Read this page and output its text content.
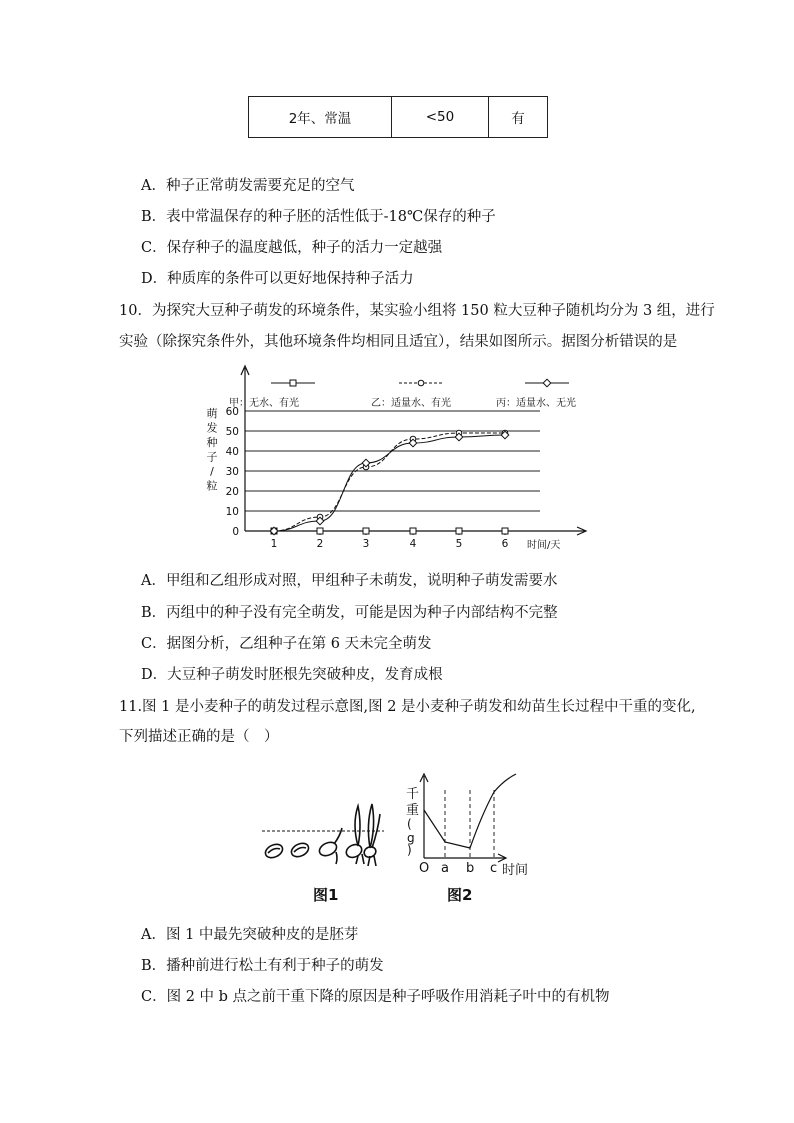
2年、常温	<50	有
A．种子正常萌发需要充足的空气
B．表中常温保存的种子胚的活性低于-18℃保存的种子
C．保存种子的温度越低，种子的活力一定越强
D．种质库的条件可以更好地保持种子活力
10．为探究大豆种子萌发的环境条件，某实验小组将 150 粒大豆种子随机均分为 3 组，进行
实验（除探究条件外，其他环境条件均相同且适宜），结果如图所示。据图分析错误的是
甲：无水、有光	乙：适量水、有光	丙：适量水、无光
0
10
20
30
40
50
60
1	2	3	4	5	6 时间/天
萌
发
种
子
/
粒
A．甲组和乙组形成对照，甲组种子未萌发，说明种子萌发需要水
B．丙组中的种子没有完全萌发，可能是因为种子内部结构不完整
C．据图分析，乙组种子在第 6 天未完全萌发
D．大豆种子萌发时胚根先突破种皮，发育成根
11.图 1 是小麦种子的萌发过程示意图,图 2 是小麦种子萌发和幼苗生长过程中干重的变化,
下列描述正确的是（　）
千
重
(
g
)
O a b c 时间
图1	图2
A．图 1 中最先突破种皮的是胚芽
B．播种前进行松土有利于种子的萌发
C．图 2 中 b 点之前干重下降的原因是种子呼吸作用消耗子叶中的有机物
